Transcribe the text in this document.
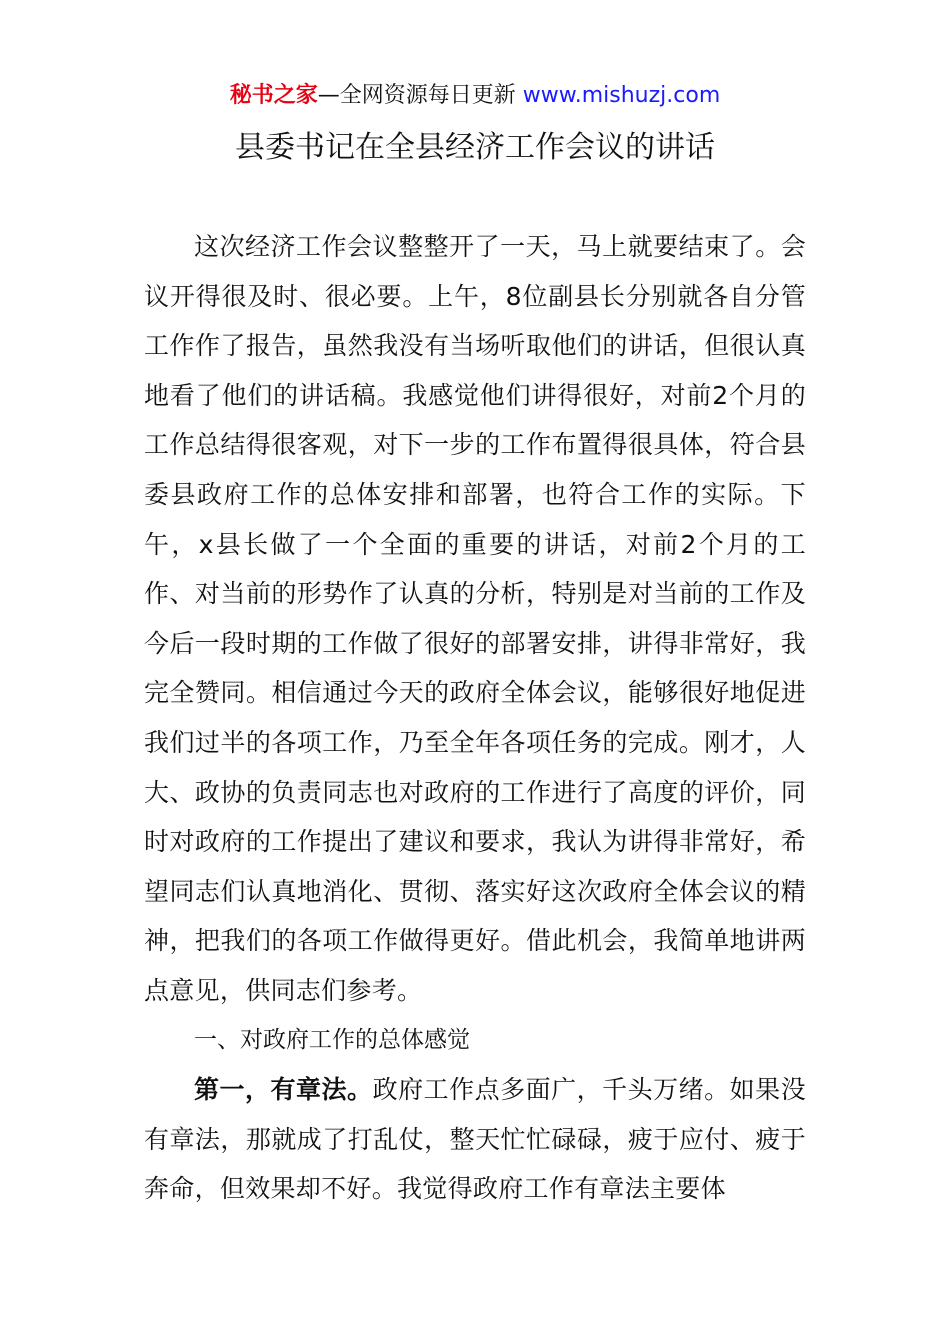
秘书之家—全网资源每日更新 www.mishuzj.com
县委书记在全县经济工作会议的讲话

这次经济工作会议整整开了一天，马上就要结束了。会议开得很及时、很必要。上午，8位副县长分别就各自分管工作作了报告，虽然我没有当场听取他们的讲话，但很认真地看了他们的讲话稿。我感觉他们讲得很好，对前2个月的工作总结得很客观，对下一步的工作布置得很具体，符合县委县政府工作的总体安排和部署，也符合工作的实际。下午，x县长做了一个全面的重要的讲话，对前2个月的工作、对当前的形势作了认真的分析，特别是对当前的工作及今后一段时期的工作做了很好的部署安排，讲得非常好，我完全赞同。相信通过今天的政府全体会议，能够很好地促进我们过半的各项工作，乃至全年各项任务的完成。刚才，人大、政协的负责同志也对政府的工作进行了高度的评价，同时对政府的工作提出了建议和要求，我认为讲得非常好，希望同志们认真地消化、贯彻、落实好这次政府全体会议的精神，把我们的各项工作做得更好。借此机会，我简单地讲两点意见，供同志们参考。

一、对政府工作的总体感觉

第一，有章法。政府工作点多面广，千头万绪。如果没有章法，那就成了打乱仗，整天忙忙碌碌，疲于应付、疲于奔命，但效果却不好。我觉得政府工作有章法主要体
